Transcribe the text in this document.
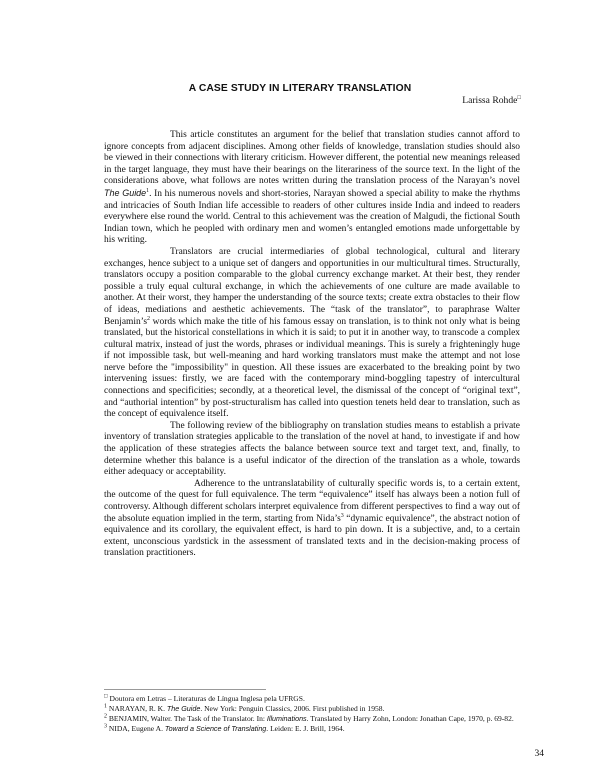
A CASE STUDY IN LITERARY TRANSLATION
Larissa Rohde□

This article constitutes an argument for the belief that translation studies cannot afford to ignore concepts from adjacent disciplines. Among other fields of knowledge, translation studies should also be viewed in their connections with literary criticism. However different, the potential new meanings released in the target language, they must have their bearings on the literariness of the source text. In the light of the considerations above, what follows are notes written during the translation process of the Narayan’s novel The Guide$^1$. In his numerous novels and short-stories, Narayan showed a special ability to make the rhythms and intricacies of South Indian life accessible to readers of other cultures inside India and indeed to readers everywhere else round the world. Central to this achievement was the creation of Malgudi, the fictional South Indian town, which he peopled with ordinary men and women’s entangled emotions made unforgettable by his writing.

Translators are crucial intermediaries of global technological, cultural and literary exchanges, hence subject to a unique set of dangers and opportunities in our multicultural times. Structurally, translators occupy a position comparable to the global currency exchange market. At their best, they render possible a truly equal cultural exchange, in which the achievements of one culture are made available to another. At their worst, they hamper the understanding of the source texts; create extra obstacles to their flow of ideas, mediations and aesthetic achievements. The “task of the translator”, to paraphrase Walter $Benjamin’s^2$ words which make the title of his famous essay on translation, is to think not only what is being translated, but the historical constellations in which it is said; to put it in another way, to transcode a complex cultural matrix, instead of just the words, phrases or individual meanings. This is surely a frighteningly huge if not impossible task, but well-meaning and hard working translators must make the attempt and not lose nerve before the "impossibility" in question. All these issues are exacerbated to the breaking point by two intervening issues: firstly, we are faced with the contemporary mind-boggling tapestry of intercultural connections and specificities; secondly, at a theoretical level, the dismissal of the concept of “original text”, and “authorial intention” by post-structuralism has called into question tenets held dear to translation, such as the concept of equivalence itself.

The following review of the bibliography on translation studies means to establish a private inventory of translation strategies applicable to the translation of the novel at hand, to investigate if and how the application of these strategies affects the balance between source text and target text, and, finally, to determine whether this balance is a useful indicator of the direction of the translation as a whole, towards either adequacy or acceptability.

Adherence to the untranslatability of culturally specific words is, to a certain extent, the outcome of the quest for full equivalence. The term “equivalence” itself has always been a notion full of controversy. Although different scholars interpret equivalence from different perspectives to find a way out of the absolute equation implied in the term, starting from $Nida’s^3$ “dynamic equivalence”, the abstract notion of equivalence and its corollary, the equivalent effect, is hard to pin down. It is a subjective, and, to a certain extent, unconscious yardstick in the assessment of translated texts and in the decision-making process of translation practitioners.

□ Doutora em Letras – Literaturas de Língua Inglesa pela UFRGS.

$^1$ NARAYAN, R. K. The Guide. New York: Penguin Classics, 2006. First published in 1958.

$^2$ BENJAMIN, Walter. The Task of the Translator. In: Illuminations. Translated by Harry Zohn, London: Jonathan Cape, 1970, p. 69-82.

$^3$ NIDA, Eugene A. Toward a Science of Translating. Leiden: E. J. Brill, 1964.

34
